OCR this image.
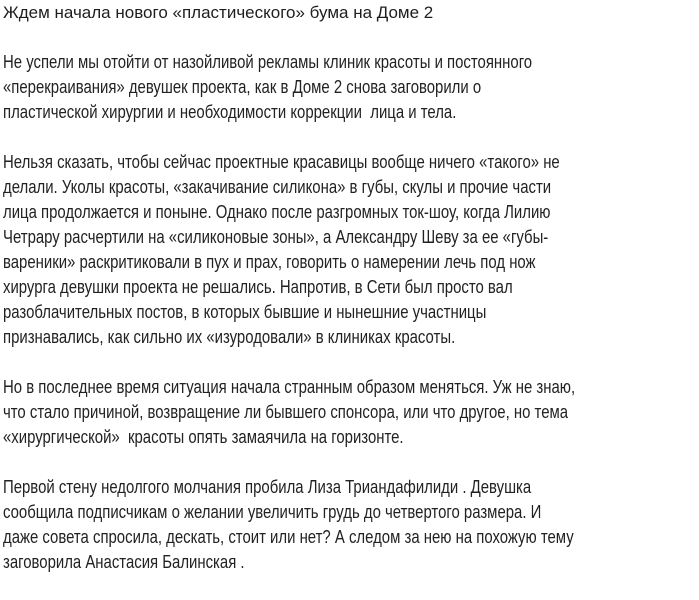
Ждем начала нового «пластического» бума на Доме 2
Не успели мы отойти от назойливой рекламы клиник красоты и постоянного
«перекраивания» девушек проекта, как в Доме 2 снова заговорили о
пластической хирургии и необходимости коррекции  лица и тела.
Нельзя сказать, чтобы сейчас проектные красавицы вообще ничего «такого» не
делали. Уколы красоты, «закачивание силикона» в губы, скулы и прочие части
лица продолжается и поныне. Однако после разгромных ток-шоу, когда Лилию
Четрару расчертили на «силиконовые зоны», а Александру Шеву за ее «губы-
вареники» раскритиковали в пух и прах, говорить о намерении лечь под нож
хирурга девушки проекта не решались. Напротив, в Сети был просто вал
разоблачительных постов, в которых бывшие и нынешние участницы
признавались, как сильно их «изуродовали» в клиниках красоты.
Но в последнее время ситуация начала странным образом меняться. Уж не знаю,
что стало причиной, возвращение ли бывшего спонсора, или что другое, но тема
«хирургической»  красоты опять замаячила на горизонте.
Первой стену недолгого молчания пробила Лиза Триандафилиди . Девушка
сообщила подписчикам о желании увеличить грудь до четвертого размера. И
даже совета спросила, дескать, стоит или нет? А следом за нею на похожую тему
заговорила Анастасия Балинская .
